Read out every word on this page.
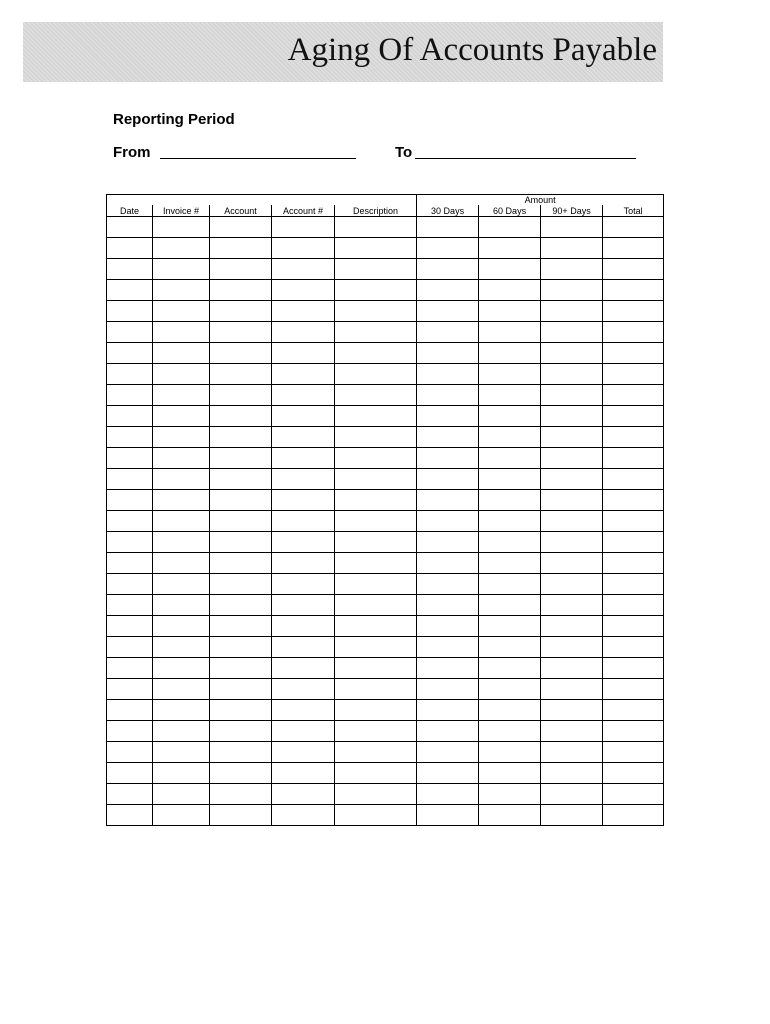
Aging Of Accounts Payable
Reporting Period
From	To
					Amount			
Date	Invoice #	Account	Account #	Description	30 Days	60 Days	90+ Days	Total
